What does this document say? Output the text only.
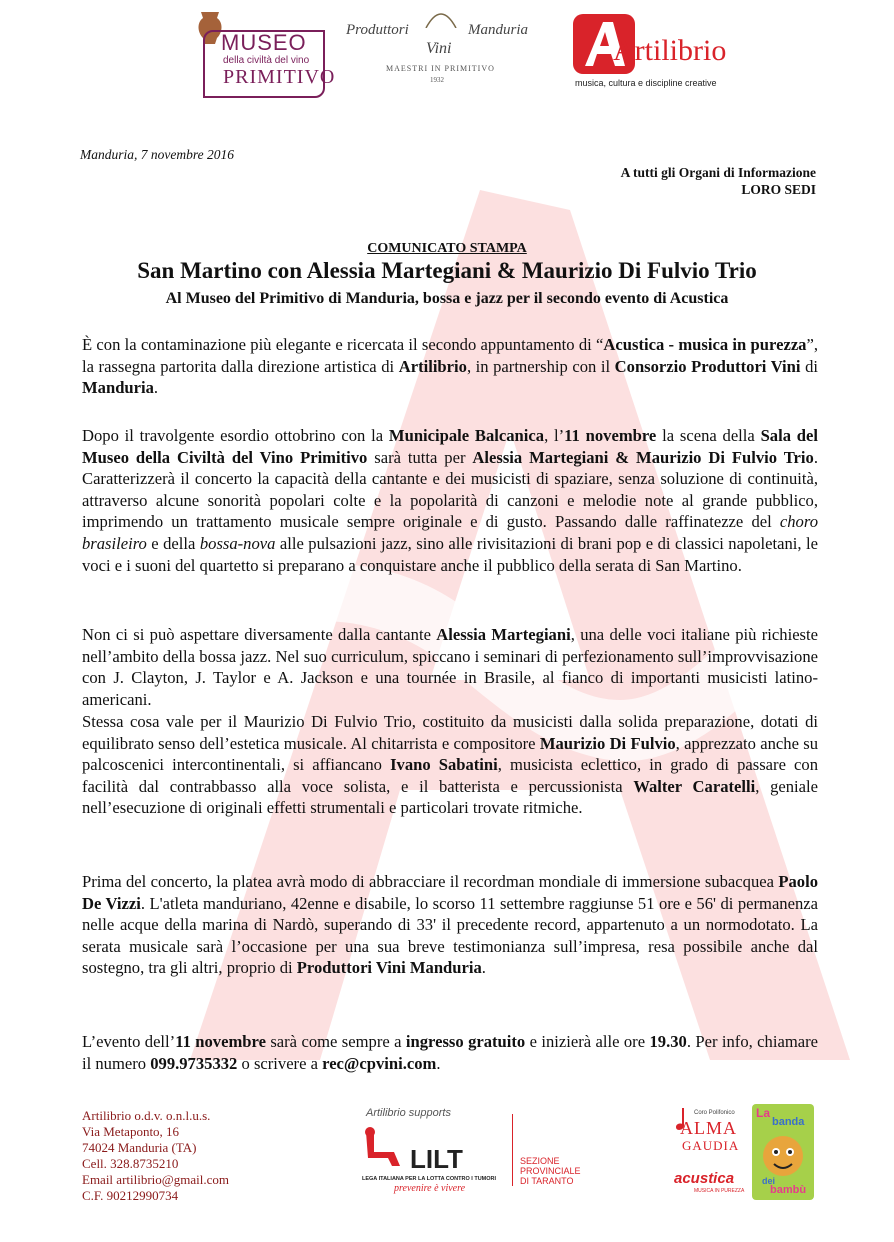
MUSEO
della civiltà del vino
PRIMITIVO
Produttori	Manduria
Vini
MAESTRI IN PRIMITIVO
1932
Artilibrio
musica, cultura e discipline creative
Manduria, 7 novembre 2016
A tutti gli Organi di Informazione
LORO SEDI
COMUNICATO STAMPA
San Martino con Alessia Martegiani & Maurizio Di Fulvio Trio
Al Museo del Primitivo di Manduria, bossa e jazz per il secondo evento di Acustica

È con la contaminazione più elegante e ricercata il secondo appuntamento di “Acustica - musica in purezza”, la rassegna partorita dalla direzione artistica di Artilibrio, in partnership con il Consorzio Produttori Vini di Manduria.

Dopo il travolgente esordio ottobrino con la Municipale Balcanica, l’11 novembre la scena della Sala del Museo della Civiltà del Vino Primitivo sarà tutta per Alessia Martegiani & Maurizio Di Fulvio Trio. Caratterizzerà il concerto la capacità della cantante e dei musicisti di spaziare, senza soluzione di continuità, attraverso alcune sonorità popolari colte e la popolarità di canzoni e melodie note al grande pubblico, imprimendo un trattamento musicale sempre originale e di gusto. Passando dalle raffinatezze del choro brasileiro e della bossa-nova alle pulsazioni jazz, sino alle rivisitazioni di brani pop e di classici napoletani, le voci e i suoni del quartetto si preparano a conquistare anche il pubblico della serata di San Martino.

Non ci si può aspettare diversamente dalla cantante Alessia Martegiani, una delle voci italiane più richieste nell’ambito della bossa jazz. Nel suo curriculum, spiccano i seminari di perfezionamento sull’improvvisazione con J. Clayton, J. Taylor e A. Jackson e una tournée in Brasile, al fianco di importanti musicisti latino-americani.

Stessa cosa vale per il Maurizio Di Fulvio Trio, costituito da musicisti dalla solida preparazione, dotati di equilibrato senso dell’estetica musicale. Al chitarrista e compositore Maurizio Di Fulvio, apprezzato anche su palcoscenici intercontinentali, si affiancano Ivano Sabatini, musicista eclettico, in grado di passare con facilità dal contrabbasso alla voce solista, e il batterista e percussionista Walter Caratelli, geniale nell’esecuzione di originali effetti strumentali e particolari trovate ritmiche.

Prima del concerto, la platea avrà modo di abbracciare il recordman mondiale di immersione subacquea Paolo De Vizzi. L'atleta manduriano, 42enne e disabile, lo scorso 11 settembre raggiunse 51 ore e 56' di permanenza nelle acque della marina di Nardò, superando di 33' il precedente record, appartenuto a un normodotato. La serata musicale sarà l’occasione per una sua breve testimonianza sull’impresa, resa possibile anche dal sostegno, tra gli altri, proprio di Produttori Vini Manduria.

L’evento dell’11 novembre sarà come sempre a ingresso gratuito e inizierà alle ore 19.30. Per info, chiamare il numero 099.9735332 o scrivere a rec@cpvini.com.

Artilibrio o.d.v. o.n.l.u.s.
Via Metaponto, 16
74024 Manduria (TA)
Cell. 328.8735210
Email artilibrio@gmail.com
C.F. 90212990734
Artilibrio supports
LILT
LEGA ITALIANA PER LA LOTTA CONTRO I TUMORI
prevenire è vivere
SEZIONE
PROVINCIALE
DI TARANTO
Coro Polifonico
ALMA
GAUDIA
acustica
MUSICA IN PUREZZA
La
banda
dei
bambù
